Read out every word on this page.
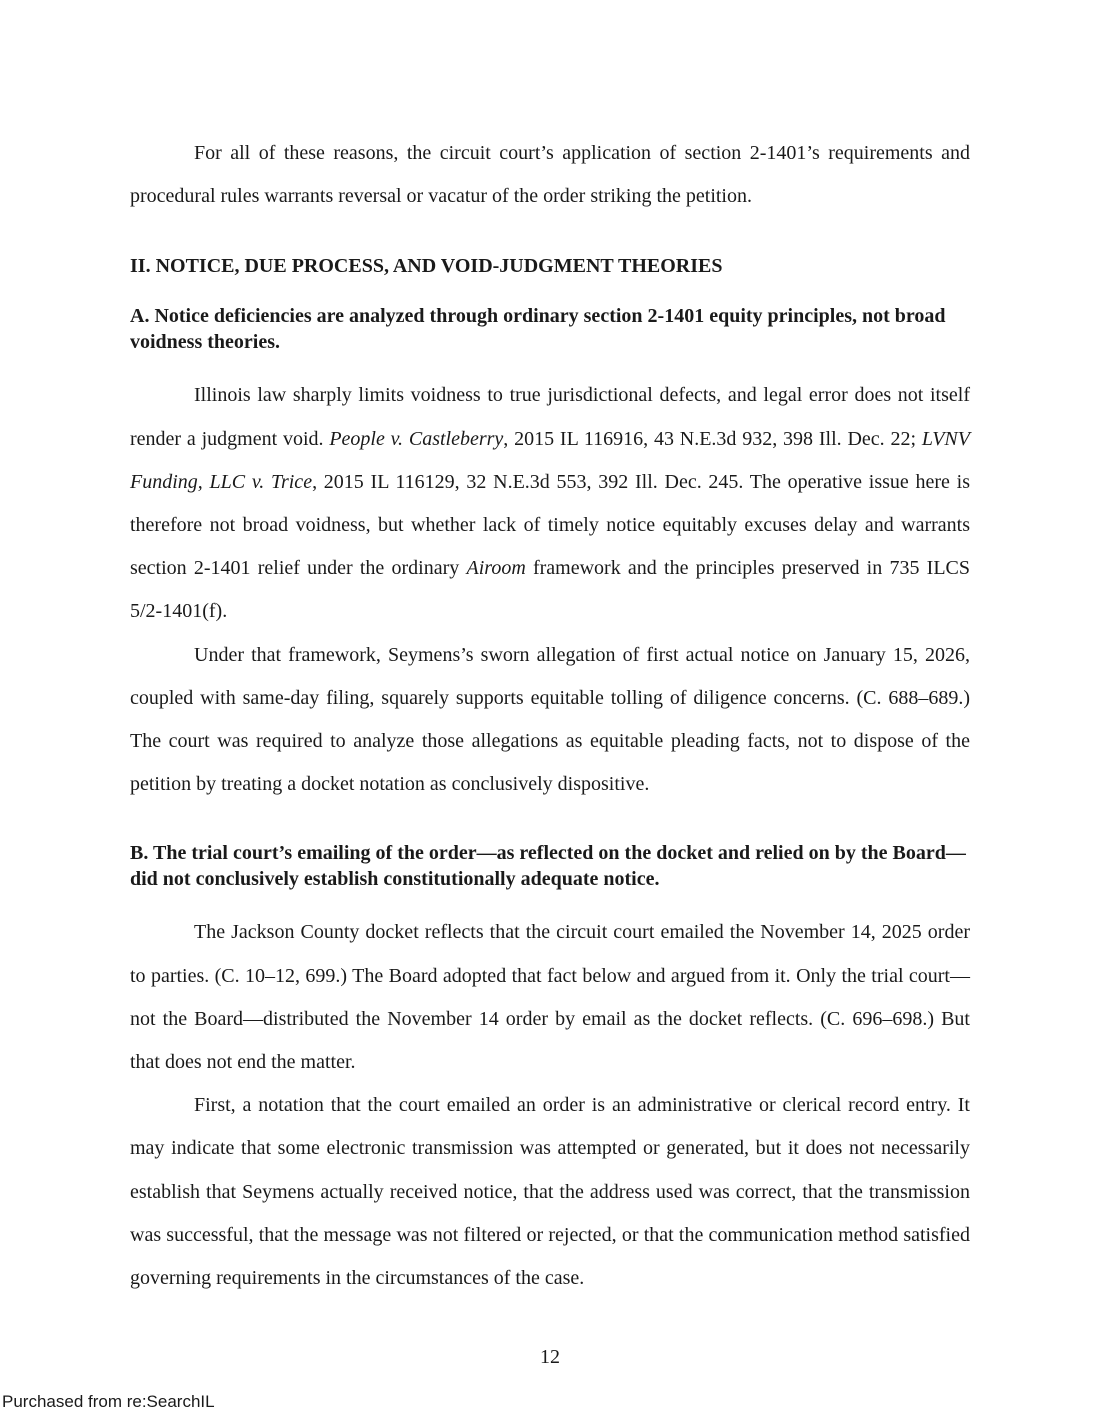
For all of these reasons, the circuit court’s application of section 2-1401’s requirements and procedural rules warrants reversal or vacatur of the order striking the petition.

II. NOTICE, DUE PROCESS, AND VOID-JUDGMENT THEORIES
A. Notice deficiencies are analyzed through ordinary section 2-1401 equity principles, not broad voidness theories.

Illinois law sharply limits voidness to true jurisdictional defects, and legal error does not itself render a judgment void. People v. Castleberry, 2015 IL 116916, 43 N.E.3d 932, 398 Ill. Dec. 22; LVNV Funding, LLC v. Trice, 2015 IL 116129, 32 N.E.3d 553, 392 Ill. Dec. 245. The operative issue here is therefore not broad voidness, but whether lack of timely notice equitably excuses delay and warrants section 2-1401 relief under the ordinary Airoom framework and the principles preserved in 735 ILCS 5/2-1401(f).

Under that framework, Seymens’s sworn allegation of first actual notice on January 15, 2026, coupled with same-day filing, squarely supports equitable tolling of diligence concerns. (C. 688–689.) The court was required to analyze those allegations as equitable pleading facts, not to dispose of the petition by treating a docket notation as conclusively dispositive.

B. The trial court’s emailing of the order—as reflected on the docket and relied on by the Board—did not conclusively establish constitutionally adequate notice.

The Jackson County docket reflects that the circuit court emailed the November 14, 2025 order to parties. (C. 10–12, 699.) The Board adopted that fact below and argued from it. Only the trial court—not the Board—distributed the November 14 order by email as the docket reflects. (C. 696–698.) But that does not end the matter.

First, a notation that the court emailed an order is an administrative or clerical record entry. It may indicate that some electronic transmission was attempted or generated, but it does not necessarily establish that Seymens actually received notice, that the address used was correct, that the transmission was successful, that the message was not filtered or rejected, or that the communication method satisfied governing requirements in the circumstances of the case.

12
Purchased from re:SearchIL
